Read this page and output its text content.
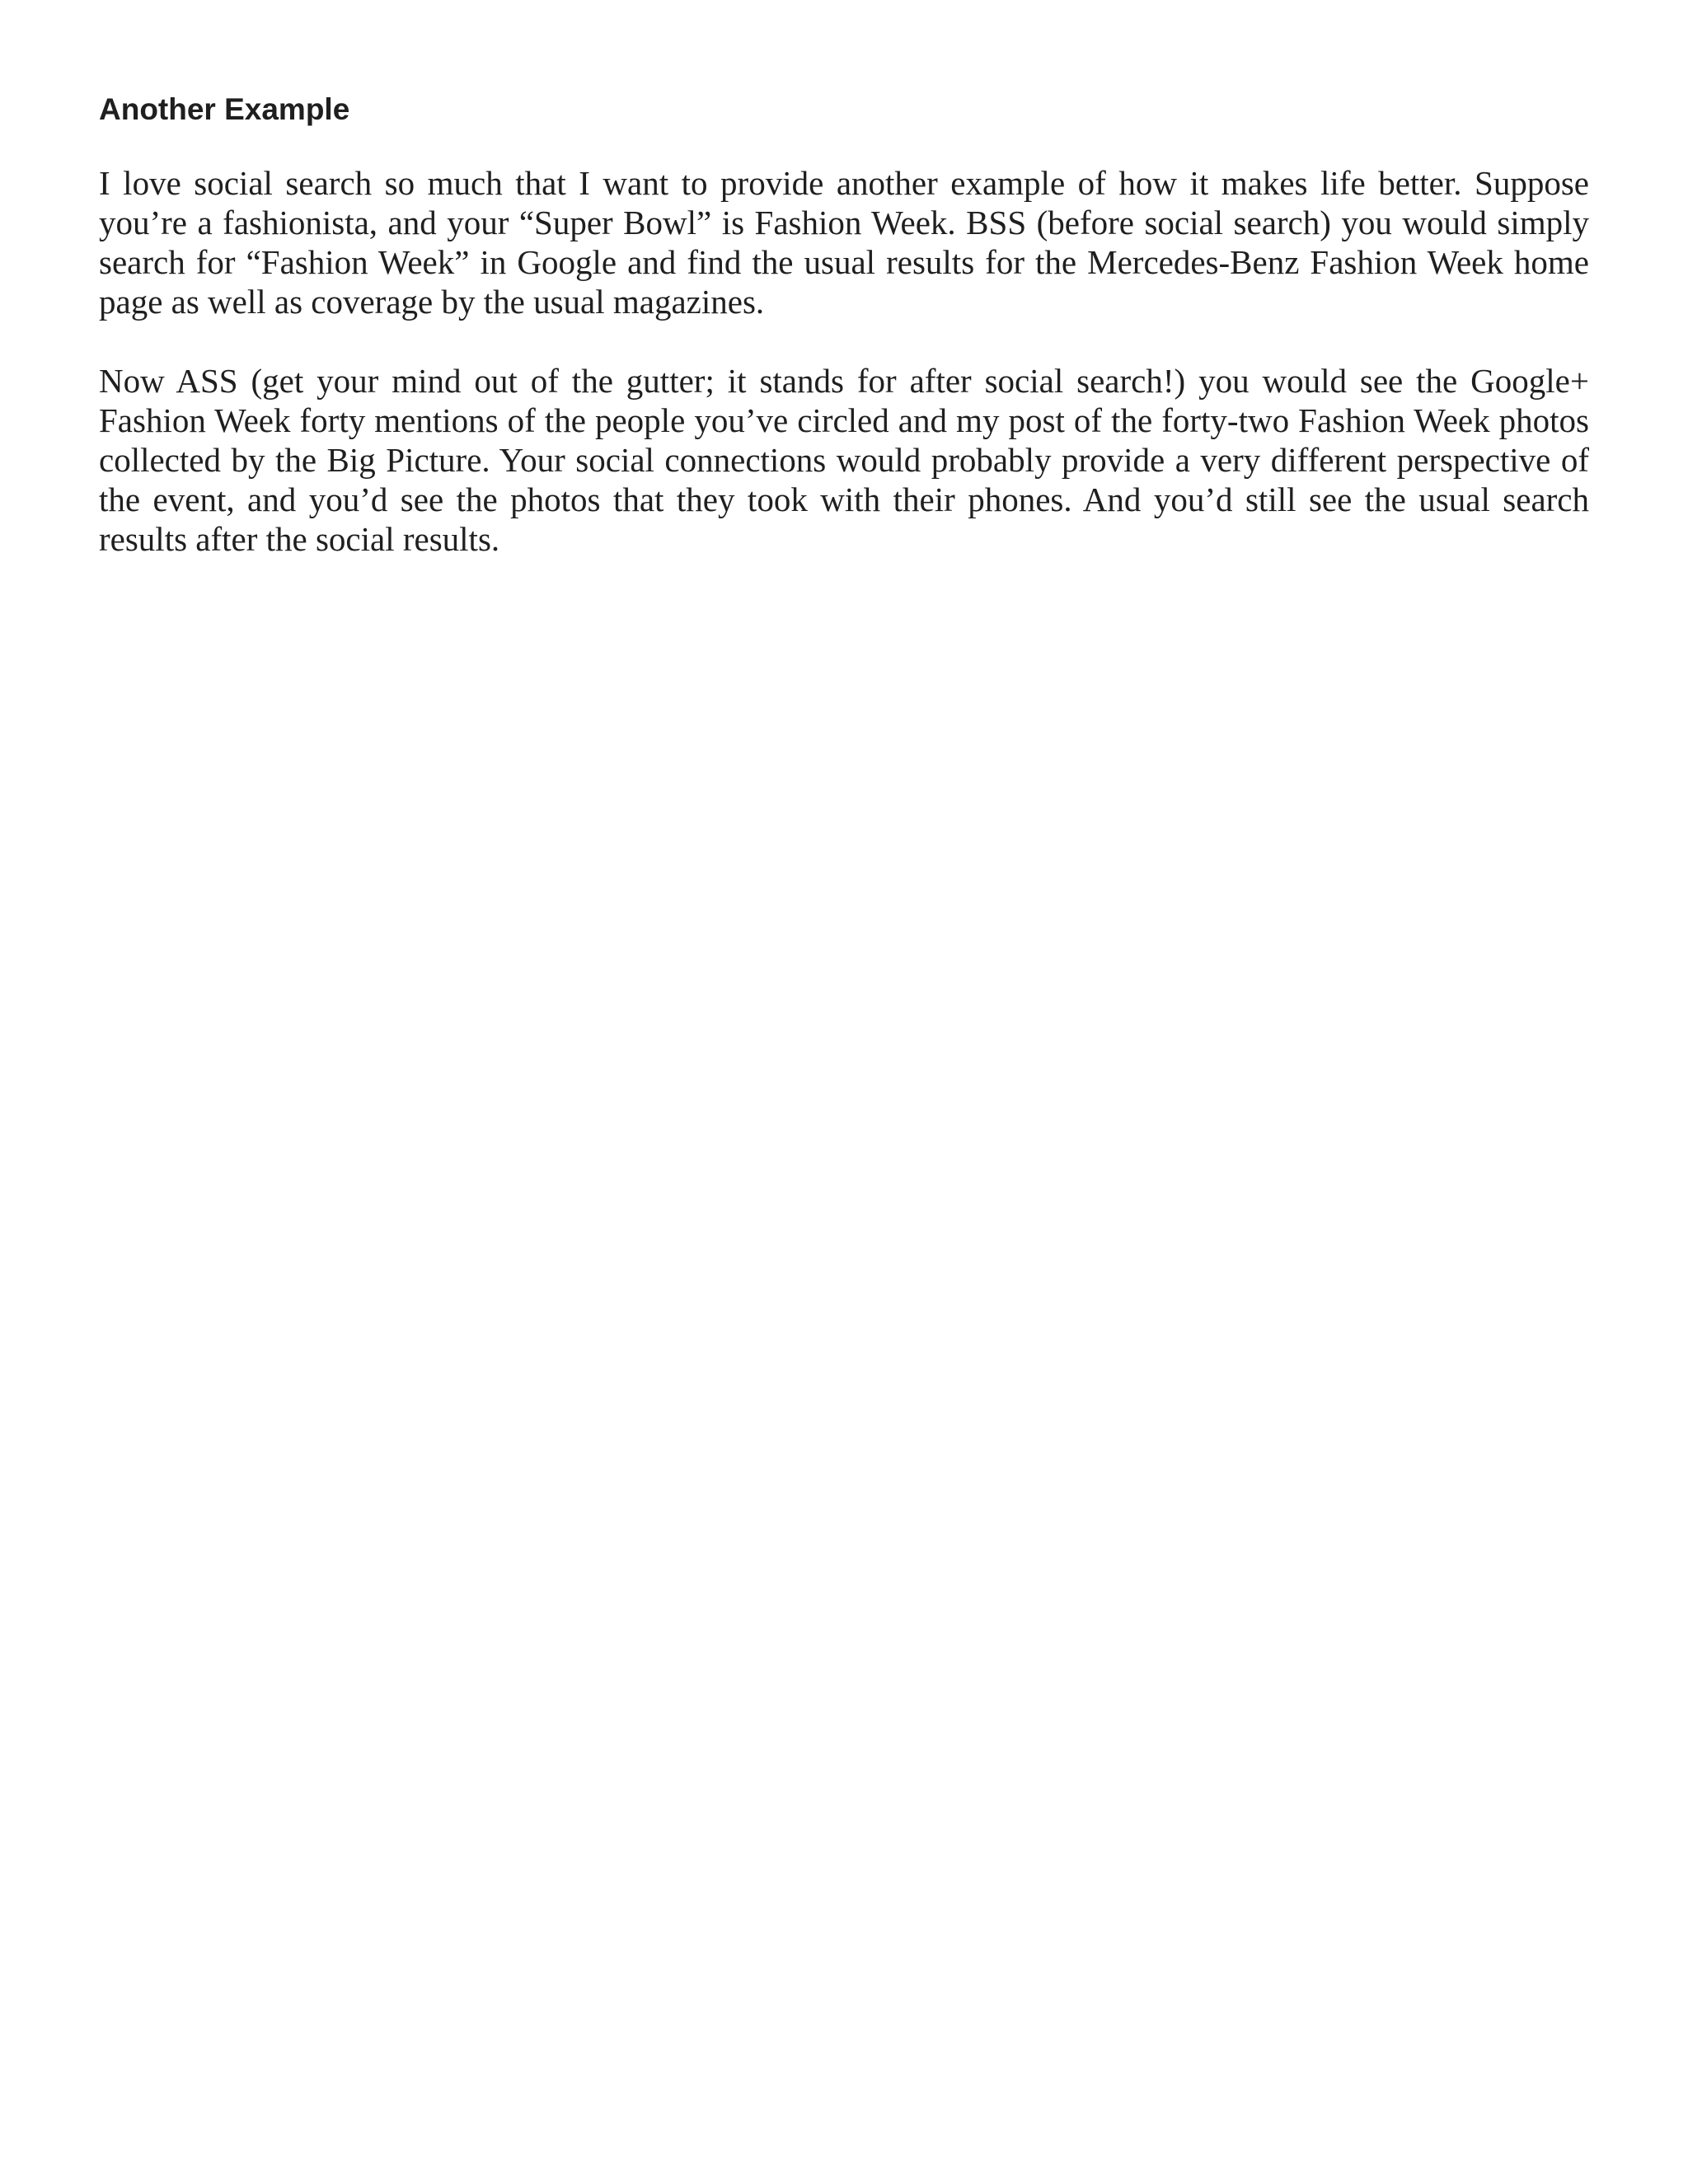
Another Example

I love social search so much that I want to provide another example of how it makes life better. Suppose you’re a fashionista, and your “Super Bowl” is Fashion Week. BSS (before social search) you would simply search for “Fashion Week” in Google and find the usual results for the Mercedes-Benz Fashion Week home page as well as coverage by the usual magazines.

Now ASS (get your mind out of the gutter; it stands for after social search!) you would see the Google+ Fashion Week forty mentions of the people you’ve circled and my post of the forty-two Fashion Week photos collected by the Big Picture. Your social connections would probably provide a very different perspective of the event, and you’d see the photos that they took with their phones. And you’d still see the usual search results after the social results.
